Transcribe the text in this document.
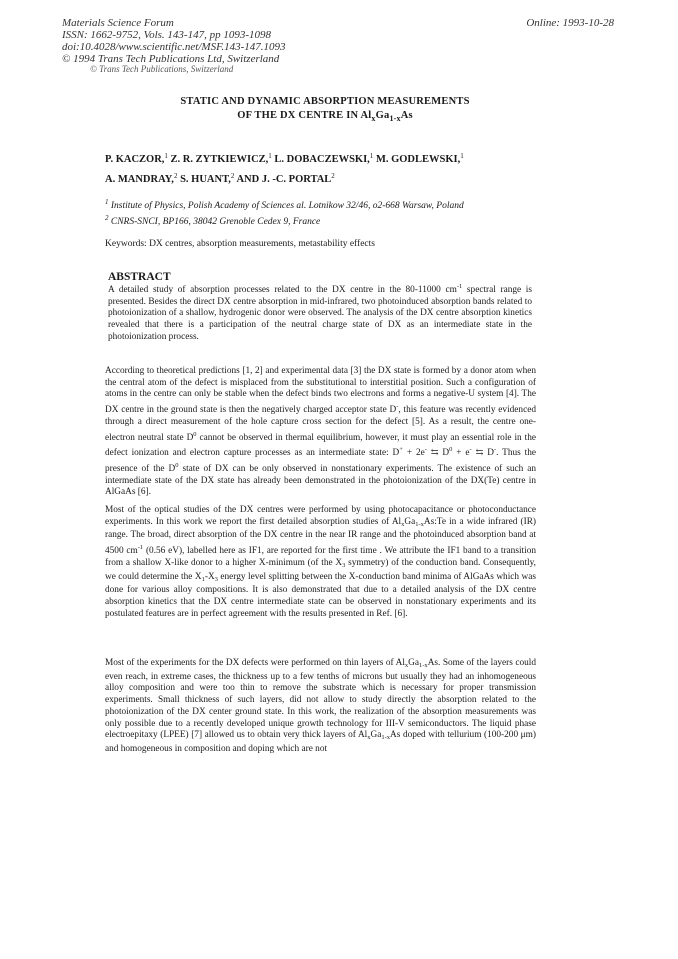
Materials Science Forum
ISSN: 1662-9752, Vols. 143-147, pp 1093-1098
doi:10.4028/www.scientific.net/MSF.143-147.1093
© 1994 Trans Tech Publications Ltd, Switzerland
Online: 1993-10-28
© Trans Tech Publications, Switzerland
STATIC AND DYNAMIC ABSORPTION MEASUREMENTS
OF THE DX CENTRE IN $Al_xGa_{1-x}As$
P. KACZOR,$^1$ Z. R. ZYTKIEWICZ,$^1$ L. DOBACZEWSKI,$^1$ M. GODLEWSKI,$^1$
A. MANDRAY,$^2$ S. HUANT,$^2$ AND J. -C. PORTAL$^2$
$^1$ Institute of Physics, Polish Academy of Sciences al. Lotnikow 32/46, o2-668 Warsaw, Poland
$^2$ CNRS-SNCI, BP166, 38042 Grenoble Cedex 9, France
Keywords: DX centres, absorption measurements, metastability effects
ABSTRACT
A detailed study of absorption processes related to the DX centre in the 80-11000 $cm^{-1}$ spectral range is presented. Besides the direct DX centre absorption in mid-infrared, two photoinduced absorption bands related to photoionization of a shallow, hydrogenic donor were observed. The analysis of the DX centre absorption kinetics revealed that there is a participation of the neutral charge state of DX as an intermediate state in the photoionization process.
According to theoretical predictions [1, 2] and experimental data [3] the DX state is formed by a donor atom when the central atom of the defect is misplaced from the substitutional to interstitial position. Such a configuration of atoms in the centre can only be stable when the defect binds two electrons and forms a negative-U system [4]. The DX centre in the ground state is then the negatively charged acceptor state D-, this feature was recently evidenced through a direct measurement of the hole capture cross section for the defect [5]. As a result, the centre one-electron neutral state $D^0$ cannot be observed in thermal equilibrium, however, it must play an essential role in the defect ionization and electron capture processes as an intermediate state: D+ + 2e- ⇆ $D^0 + e^-$ ⇆ D-. Thus the presence of the $D^0$ state of DX can be only observed in nonstationary experiments. The existence of such an intermediate state of the DX state has already been demonstrated in the photoionization of the DX(Te) centre in AlGaAs [6].
Most of the optical studies of the DX centres were performed by using photocapacitance or photoconductance experiments. In this work we report the first detailed absorption studies of $Al_xGa_{1-x}As:Te$ in a wide infrared (IR) range. The broad, direct absorption of the DX centre in the near IR range and the photoinduced absorption band at 4500 $cm^{-1}$ (0.56 eV), labelled here as IF1, are reported for the first time . We attribute the IF1 band to a transition from a shallow X-like donor to a higher X-minimum (of the $X_3$ symmetry) of the conduction band. Consequently, we could determine the $X_1-X_3$ energy level splitting between the X-conduction band minima of AlGaAs which was done for various alloy compositions. It is also demonstrated that due to a detailed analysis of the DX centre absorption kinetics that the DX centre intermediate state can be observed in nonstationary experiments and its postulated features are in perfect agreement with the results presented in Ref. [6].
Most of the experiments for the DX defects were performed on thin layers of $Al_xGa_{1-x}As$. Some of the layers could even reach, in extreme cases, the thickness up to a few tenths of microns but usually they had an inhomogeneous alloy composition and were too thin to remove the substrate which is necessary for proper transmission experiments. Small thickness of such layers, did not allow to study directly the absorption related to the photoionization of the DX center ground state. In this work, the realization of the absorption measurements was only possible due to a recently developed unique growth technology for III-V semiconductors. The liquid phase electroepitaxy (LPEE) [7] allowed us to obtain very thick layers of $Al_xGa_{1-x}As$ doped with tellurium (100-200 μm) and homogeneous in composition and doping which are not
